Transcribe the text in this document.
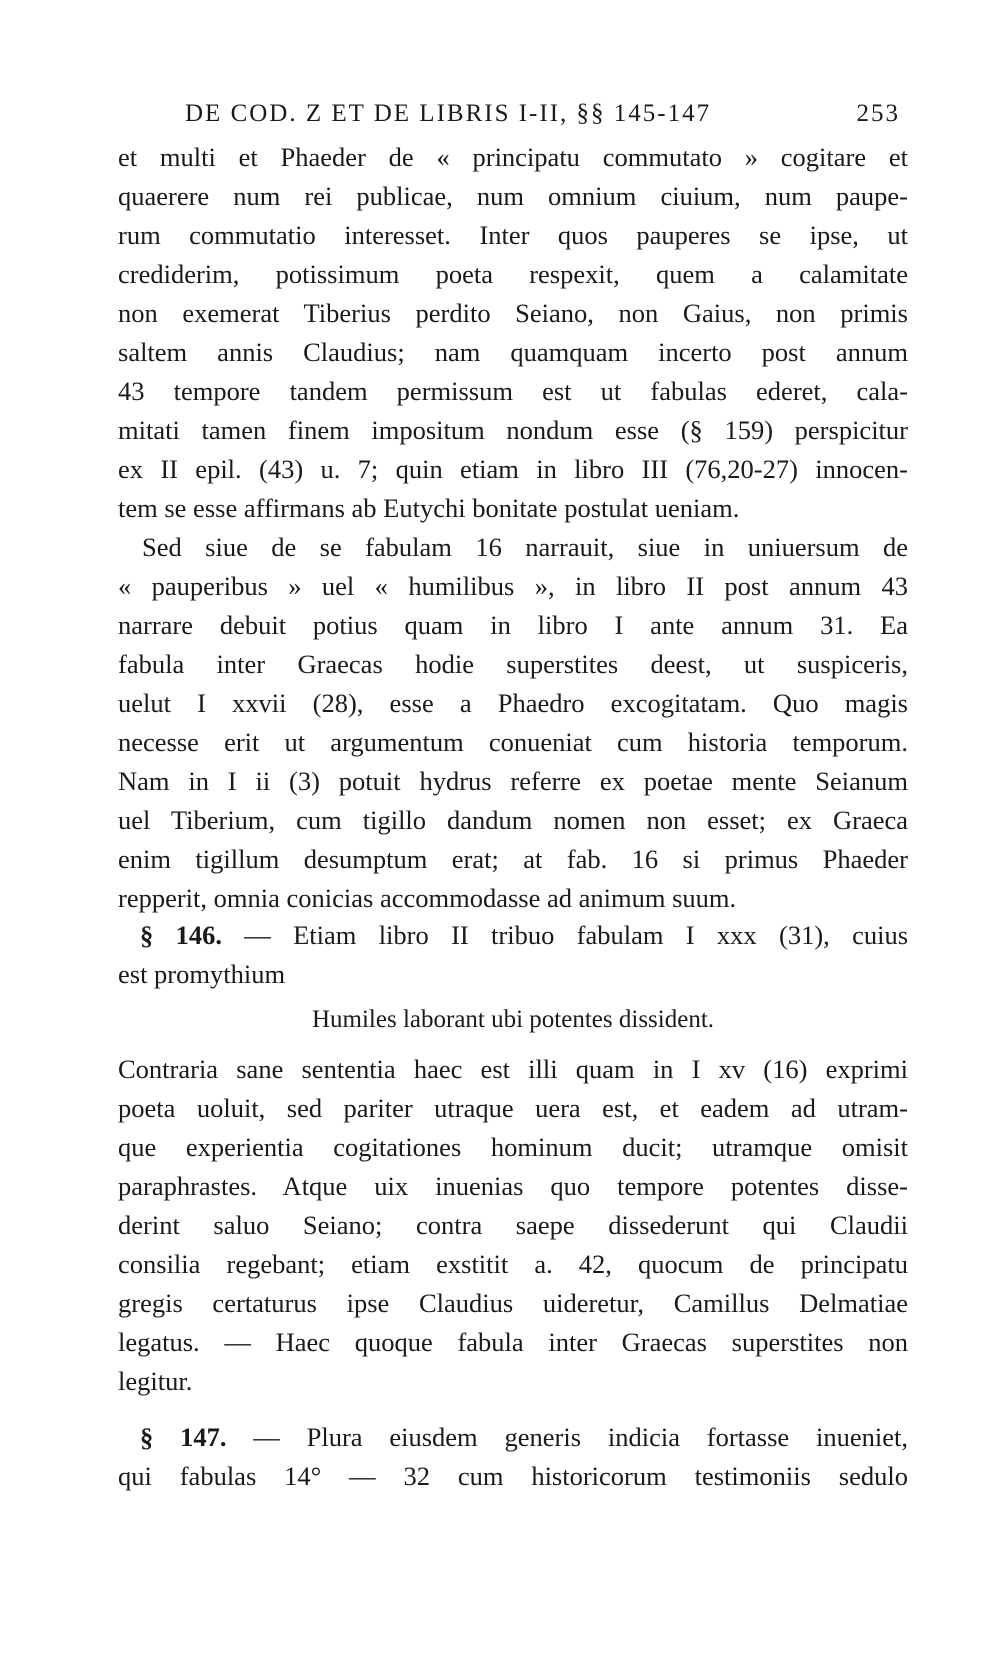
DE COD. Z ET DE LIBRIS I-II, §§ 145-147	253
et multi et Phaeder de « principatu commutato » cogitare et
quaerere num rei publicae, num omnium ciuium, num paupe-
rum commutatio interesset. Inter quos pauperes se ipse, ut
crediderim, potissimum poeta respexit, quem a calamitate
non exemerat Tiberius perdito Seiano, non Gaius, non primis
saltem annis Claudius; nam quamquam incerto post annum
43 tempore tandem permissum est ut fabulas ederet, cala-
mitati tamen finem impositum nondum esse (§ 159) perspicitur
ex II epil. (43) u. 7; quin etiam in libro III (76,20-27) innocen-
tem se esse affirmans ab Eutychi bonitate postulat ueniam.
Sed siue de se fabulam 16 narrauit, siue in uniuersum de
« pauperibus » uel « humilibus », in libro II post annum 43
narrare debuit potius quam in libro I ante annum 31. Ea
fabula inter Graecas hodie superstites deest, ut suspiceris,
uelut I xxvii (28), esse a Phaedro excogitatam. Quo magis
necesse erit ut argumentum conueniat cum historia temporum.
Nam in I ii (3) potuit hydrus referre ex poetae mente Seianum
uel Tiberium, cum tigillo dandum nomen non esset; ex Graeca
enim tigillum desumptum erat; at fab. 16 si primus Phaeder
repperit, omnia conicias accommodasse ad animum suum.
§ 146. — Etiam libro II tribuo fabulam I xxx (31), cuius
est promythium
Humiles laborant ubi potentes dissident.
Contraria sane sententia haec est illi quam in I xv (16) exprimi
poeta uoluit, sed pariter utraque uera est, et eadem ad utram-
que experientia cogitationes hominum ducit; utramque omisit
paraphrastes. Atque uix inuenias quo tempore potentes disse-
derint saluo Seiano; contra saepe dissederunt qui Claudii
consilia regebant; etiam exstitit a. 42, quocum de principatu
gregis certaturus ipse Claudius uideretur, Camillus Delmatiae
legatus. — Haec quoque fabula inter Graecas superstites non
legitur.
§ 147. — Plura eiusdem generis indicia fortasse inueniet,
qui fabulas 14° — 32 cum historicorum testimoniis sedulo
